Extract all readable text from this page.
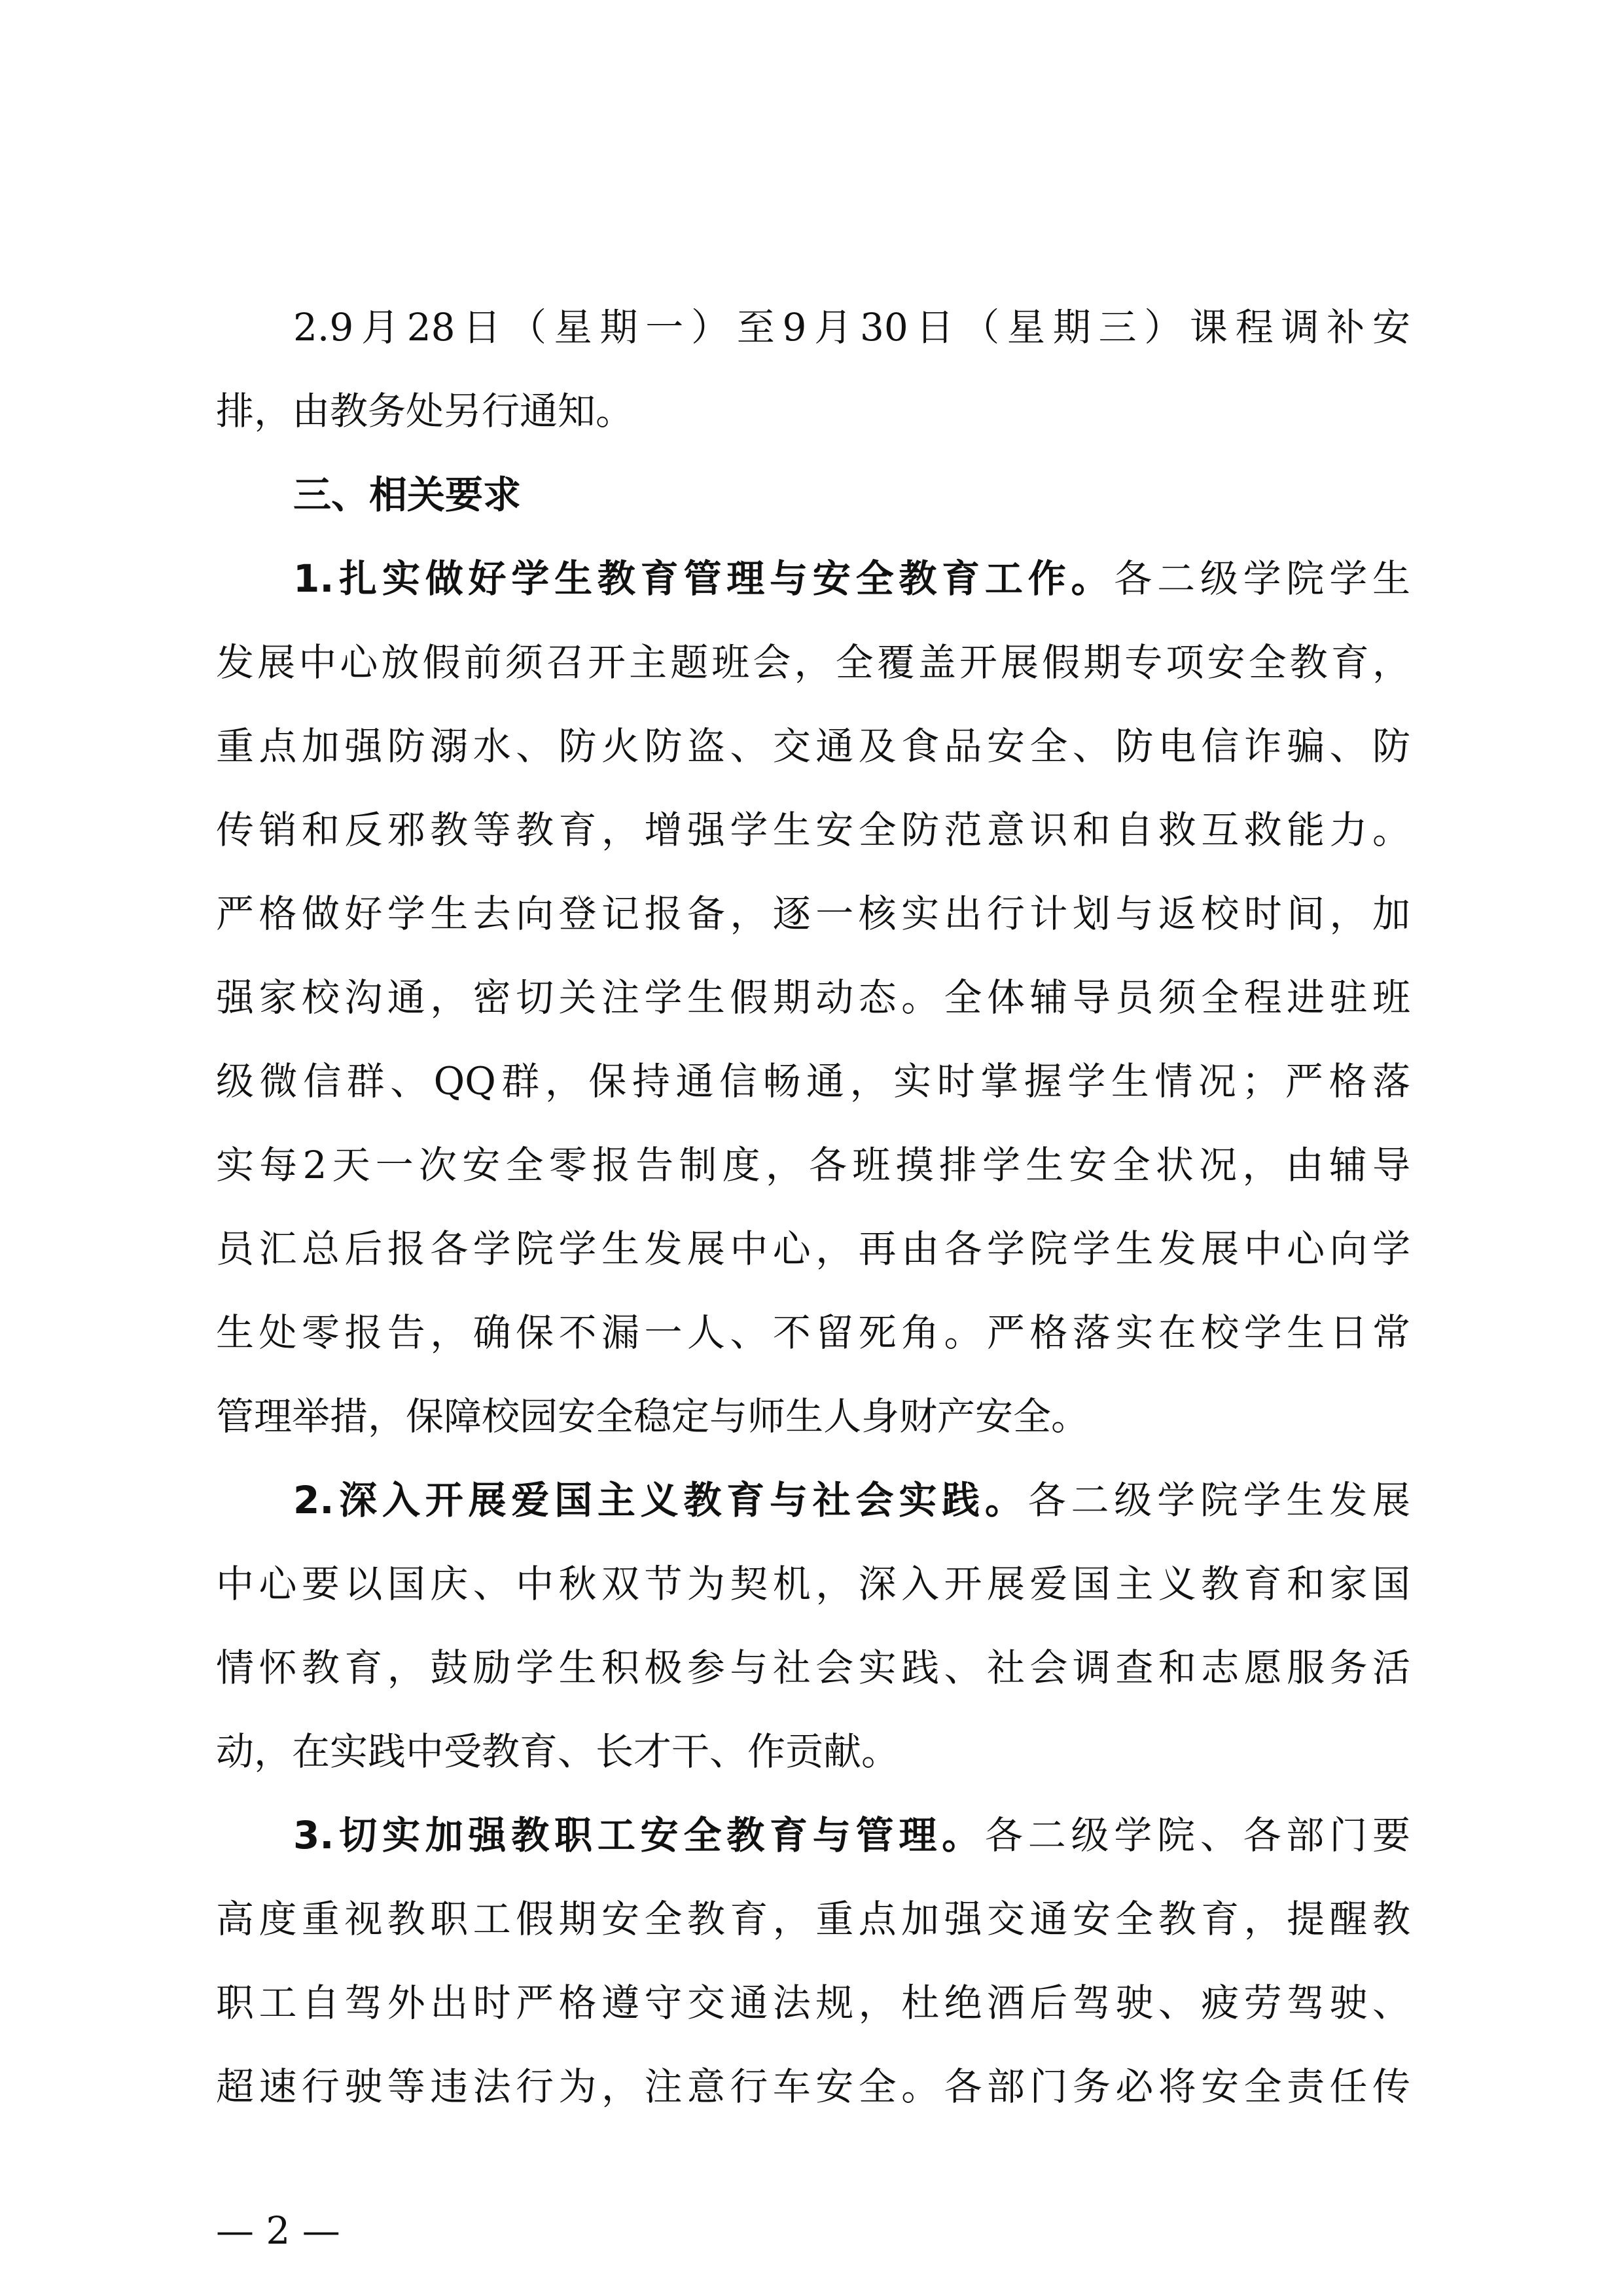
2.9月28日（星期一）至9月30日（星期三）课程调补安

排，由教务处另行通知。

三、相关要求

1.扎实做好学生教育管理与安全教育工作。各二级学院学生

发展中心放假前须召开主题班会，全覆盖开展假期专项安全教育，

重点加强防溺水、防火防盗、交通及食品安全、防电信诈骗、防

传销和反邪教等教育，增强学生安全防范意识和自救互救能力。

严格做好学生去向登记报备，逐一核实出行计划与返校时间，加

强家校沟通，密切关注学生假期动态。全体辅导员须全程进驻班

级微信群、QQ群，保持通信畅通，实时掌握学生情况；严格落

实每2天一次安全零报告制度，各班摸排学生安全状况，由辅导

员汇总后报各学院学生发展中心，再由各学院学生发展中心向学

生处零报告，确保不漏一人、不留死角。严格落实在校学生日常

管理举措，保障校园安全稳定与师生人身财产安全。

2.深入开展爱国主义教育与社会实践。各二级学院学生发展

中心要以国庆、中秋双节为契机，深入开展爱国主义教育和家国

情怀教育，鼓励学生积极参与社会实践、社会调查和志愿服务活

动，在实践中受教育、长才干、作贡献。

3.切实加强教职工安全教育与管理。各二级学院、各部门要

高度重视教职工假期安全教育，重点加强交通安全教育，提醒教

职工自驾外出时严格遵守交通法规，杜绝酒后驾驶、疲劳驾驶、

超速行驶等违法行为，注意行车安全。各部门务必将安全责任传

— 2 —
